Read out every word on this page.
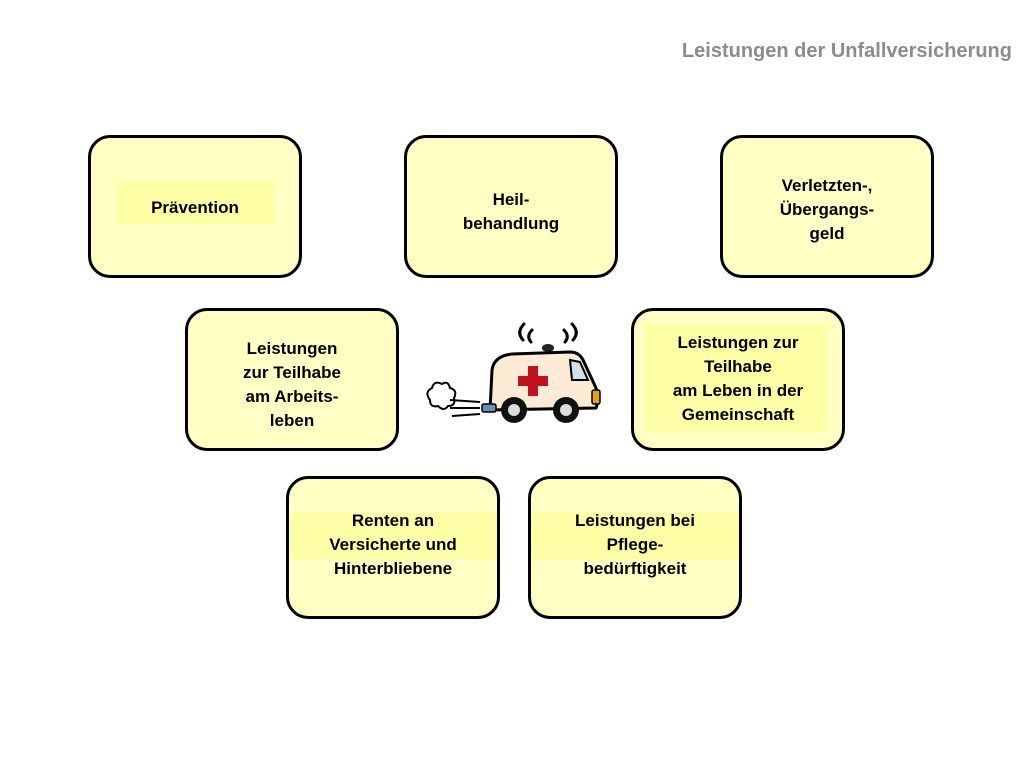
Leistungen der Unfallversicherung
Prävention	Heil-
behandlung
Verletzten-,
Übergangs-
geld
Leistungen
zur Teilhabe
am Arbeits-
leben
Leistungen zur
Teilhabe
am Leben in der
Gemeinschaft
Renten an
Versicherte und
Hinterbliebene
Leistungen bei
Pflege-
bedürftigkeit
